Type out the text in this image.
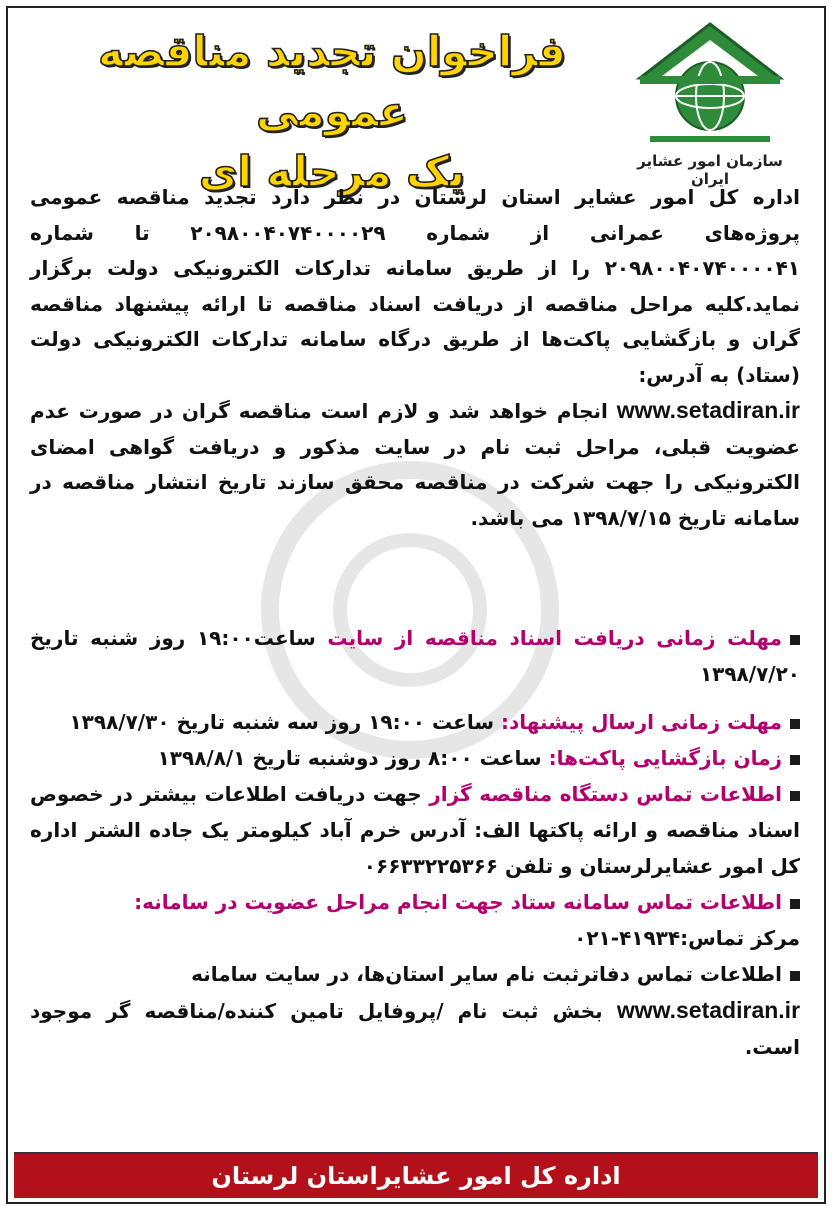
فراخوان تجدید مناقصه عمومی
یک مرحله ای	سازمان امور عشایر ایران

اداره کل امور عشایر استان لرستان در نظر دارد تجدید مناقصه عمومی پروژه‌های عمرانی از شماره ۲۰۹۸۰۰۴۰۷۴۰۰۰۰۲۹ تا شماره ۲۰۹۸۰۰۴۰۷۴۰۰۰۰۴۱ را از طریق سامانه تدارکات الکترونیکی دولت برگزار نماید.کلیه مراحل مناقصه از دریافت اسناد مناقصه تا ارائه پیشنهاد مناقصه گران و بازگشایی پاکت‌ها از طریق درگاه سامانه تدارکات الکترونیکی دولت (ستاد) به آدرس:

www.setadiran.ir انجام خواهد شد و لازم است مناقصه گران در صورت عدم عضویت قبلی، مراحل ثبت نام در سایت مذکور و دریافت گواهی امضای الکترونیکی را جهت شرکت در مناقصه محقق سازند تاریخ انتشار مناقصه در سامانه تاریخ ۱۳۹۸/۷/۱۵ می باشد.

مهلت زمانی دریافت اسناد مناقصه از سایت ساعت۱۹:۰۰ روز شنبه تاریخ ۱۳۹۸/۷/۲۰

مهلت زمانی ارسال پیشنهاد: ساعت ۱۹:۰۰ روز سه شنبه تاریخ ۱۳۹۸/۷/۳۰

زمان بازگشایی پاکت‌ها: ساعت ۸:۰۰ روز دوشنبه تاریخ ۱۳۹۸/۸/۱

اطلاعات تماس دستگاه مناقصه گزار جهت دریافت اطلاعات بیشتر در خصوص اسناد مناقصه و ارائه پاکتها الف: آدرس خرم آباد کیلومتر یک جاده الشتر اداره کل امور عشایرلرستان و تلفن ۰۶۶۳۳۲۲۵۳۶۶

اطلاعات تماس سامانه ستاد جهت انجام مراحل عضویت در سامانه:

مرکز تماس:۴۱۹۳۴-۰۲۱

اطلاعات تماس دفاترثبت نام سایر استان‌ها، در سایت سامانه

www.setadiran.ir بخش ثبت نام /پروفایل تامین کننده/مناقصه گر موجود است.

اداره کل امور عشایراستان لرستان
